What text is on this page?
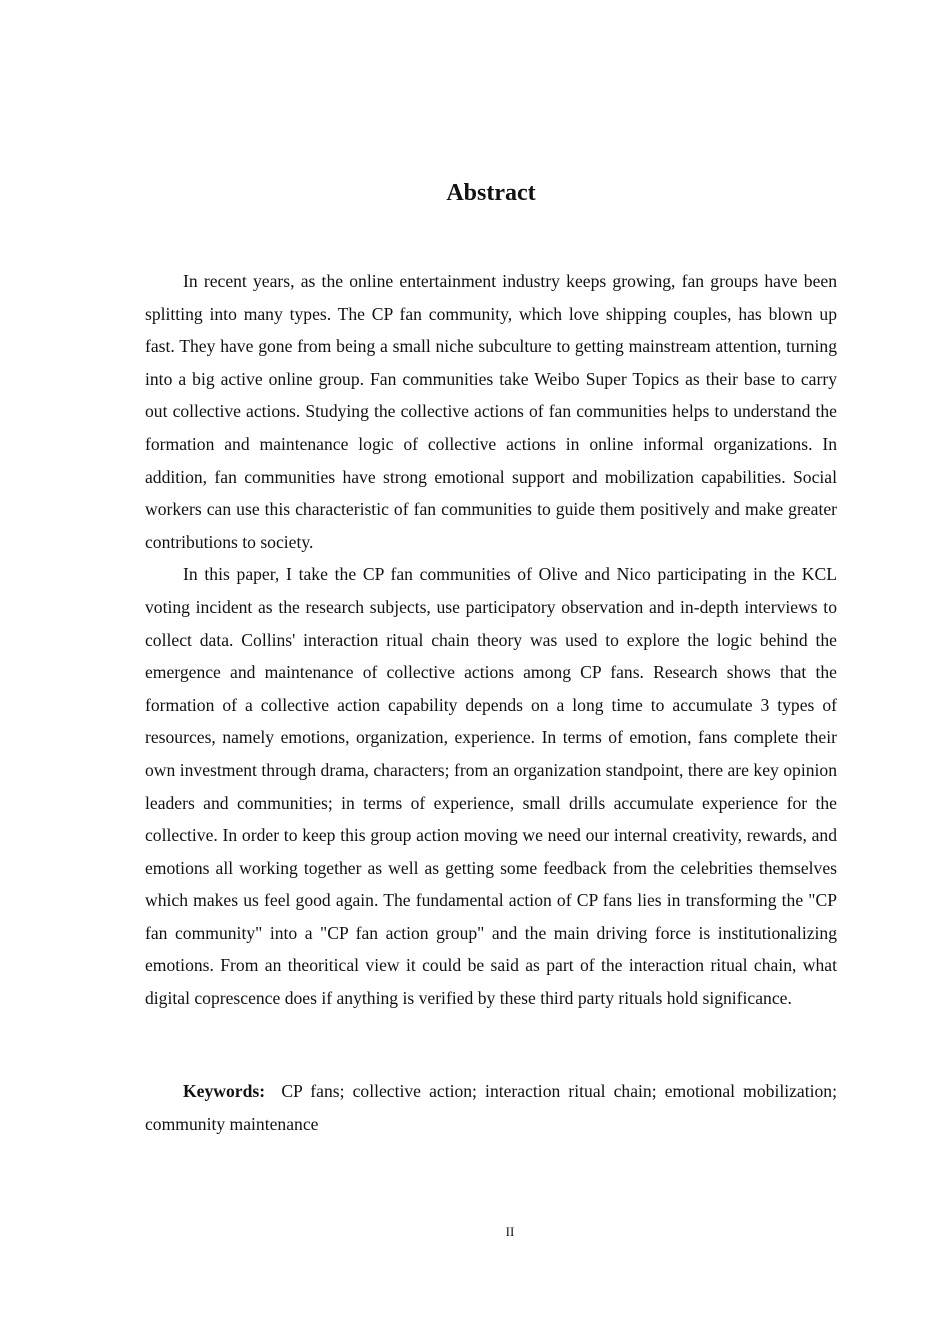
Abstract

In recent years, as the online entertainment industry keeps growing, fan groups have been splitting into many types. The CP fan community, which love shipping couples, has blown up fast. They have gone from being a small niche subculture to getting mainstream attention, turning into a big active online group. Fan communities take Weibo Super Topics as their base to carry out collective actions. Studying the collective actions of fan communities helps to understand the formation and maintenance logic of collective actions in online informal organizations. In addition, fan communities have strong emotional support and mobilization capabilities. Social workers can use this characteristic of fan communities to guide them positively and make greater contributions to society.

In this paper, I take the CP fan communities of Olive and Nico participating in the KCL voting incident as the research subjects, use participatory observation and in-depth interviews to collect data. Collins' interaction ritual chain theory was used to explore the logic behind the emergence and maintenance of collective actions among CP fans. Research shows that the formation of a collective action capability depends on a long time to accumulate 3 types of resources, namely emotions, organization, experience. In terms of emotion, fans complete their own investment through drama, characters; from an organization standpoint, there are key opinion leaders and communities; in terms of experience, small drills accumulate experience for the collective. In order to keep this group action moving we need our internal creativity, rewards, and emotions all working together as well as getting some feedback from the celebrities themselves which makes us feel good again. The fundamental action of CP fans lies in transforming the "CP fan community" into a "CP fan action group" and the main driving force is institutionalizing emotions. From an theoritical view it could be said as part of the interaction ritual chain, what digital coprescence does if anything is verified by these third party rituals hold significance.

Keywords: CP fans; collective action; interaction ritual chain; emotional mobilization; community maintenance

II
